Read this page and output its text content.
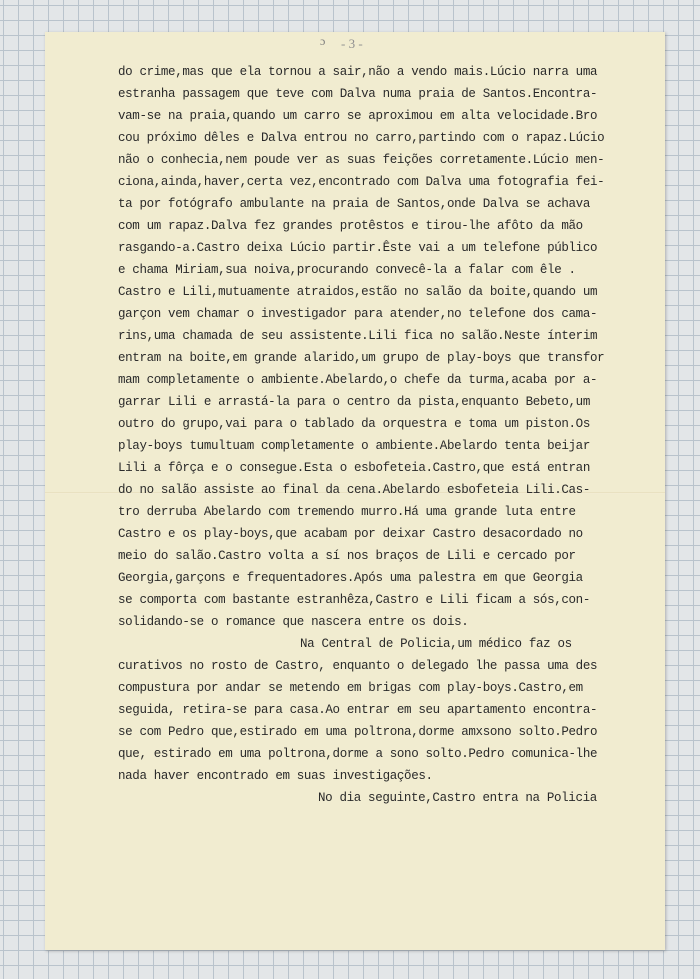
ɔ - 3 -

do crime,mas que ela tornou a sair,não a vendo mais.Lúcio narra uma

estranha passagem que teve com Dalva numa praia de Santos.Encontra-

vam-se na praia,quando um carro se aproximou em alta velocidade.Bro

cou próximo dêles e Dalva entrou no carro,partindo com o rapaz.Lúcio

não o conhecia,nem poude ver as suas feições corretamente.Lúcio men-

ciona,ainda,haver,certa vez,encontrado com Dalva uma fotografia fei-

ta por fotógrafo ambulante na praia de Santos,onde Dalva se achava

com um rapaz.Dalva fez grandes protêstos e tirou-lhe afôto da mão

rasgando-a.Castro deixa Lúcio partir.Êste vai a um telefone público

e chama Miriam,sua noiva,procurando convecê-la a falar com êle .

Castro e Lili,mutuamente atraidos,estão no salão da boite,quando um

garçon vem chamar o investigador para atender,no telefone dos cama-

rins,uma chamada de seu assistente.Lili fica no salão.Neste ínterim

entram na boite,em grande alarido,um grupo de play-boys que transfor

mam completamente o ambiente.Abelardo,o chefe da turma,acaba por a-

garrar Lili e arrastá-la para o centro da pista,enquanto Bebeto,um

outro do grupo,vai para o tablado da orquestra e toma um piston.Os

play-boys tumultuam completamente o ambiente.Abelardo tenta beijar

Lili a fôrça e o consegue.Esta o esbofeteia.Castro,que está entran

do no salão assiste ao final da cena.Abelardo esbofeteia Lili.Cas-

tro derruba Abelardo com tremendo murro.Há uma grande luta entre

Castro e os play-boys,que acabam por deixar Castro desacordado no

meio do salão.Castro volta a sí nos braços de Lili e cercado por

Georgia,garçons e frequentadores.Após uma palestra em que Georgia

se comporta com bastante estranhêza,Castro e Lili ficam a sós,con-

solidando-se o romance que nascera entre os dois.

Na Central de Policia,um médico faz os

curativos no rosto de Castro, enquanto o delegado lhe passa uma des

compustura por andar se metendo em brigas com play-boys.Castro,em

seguida, retira-se para casa.Ao entrar em seu apartamento encontra-

se com Pedro que,estirado em uma poltrona,dorme amxsono solto.Pedro

que, estirado em uma poltrona,dorme a sono solto.Pedro comunica-lhe

nada haver encontrado em suas investigações.

No dia seguinte,Castro entra na Policia
